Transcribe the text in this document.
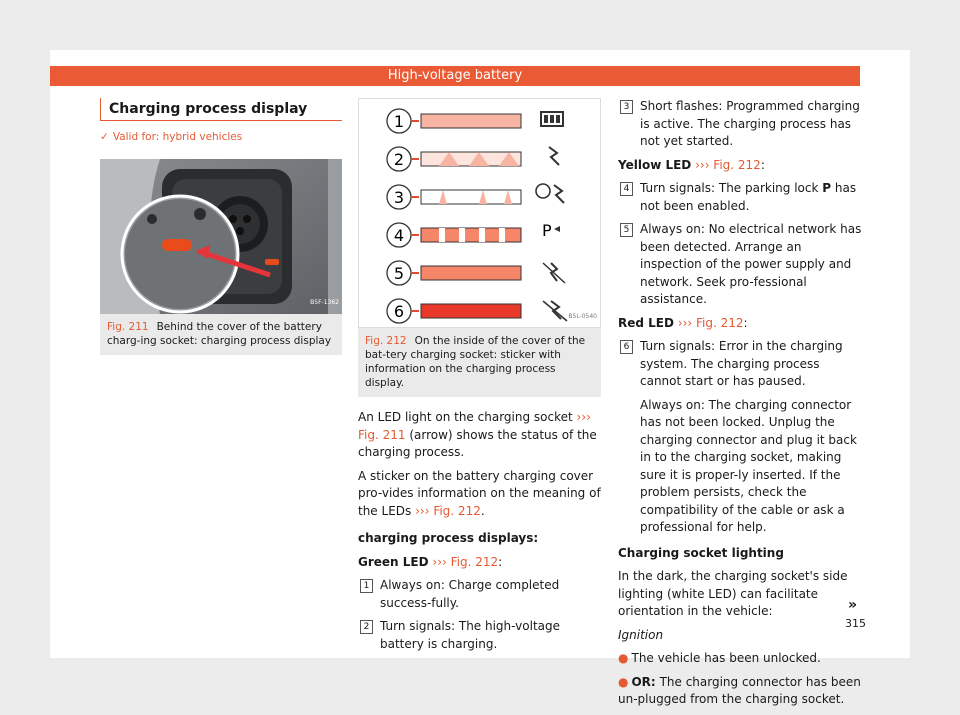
High-voltage battery
Charging process display
✓ Valid for: hybrid vehicles
B5F-1362
Fig. 211 Behind the cover of the battery charg-ing socket: charging process display
1
2
3
4	P
5
6	B5L-0540
Fig. 212 On the inside of the cover of the bat-tery charging socket: sticker with information on the charging process display.

An LED light on the charging socket ››› Fig. 211 (arrow) shows the status of the charging process.

A sticker on the battery charging cover pro-vides information on the meaning of the LEDs ››› Fig. 212.

charging process displays:

Green LED ››› Fig. 212:

1 Always on: Charge completed success-fully.
2 Turn signals: The high-voltage battery is charging.
3 Short flashes: Programmed charging is active. The charging process has not yet started.

Yellow LED ››› Fig. 212:

4 Turn signals: The parking lock P has not been enabled.
5 Always on: No electrical network has been detected. Arrange an inspection of the power supply and network. Seek pro-fessional assistance.

Red LED ››› Fig. 212:

6 Turn signals: Error in the charging system. The charging process cannot start or has paused.
Always on: The charging connector has not been locked. Unplug the charging connector and plug it back in to the charging socket, making sure it is proper-ly inserted. If the problem persists, check the compatibility of the cable or ask a professional for help.

Charging socket lighting

In the dark, the charging socket's side lighting (white LED) can facilitate orientation in the vehicle:

Ignition

● The vehicle has been unlocked.

● OR: The charging connector has been un-plugged from the charging socket.

»
315
